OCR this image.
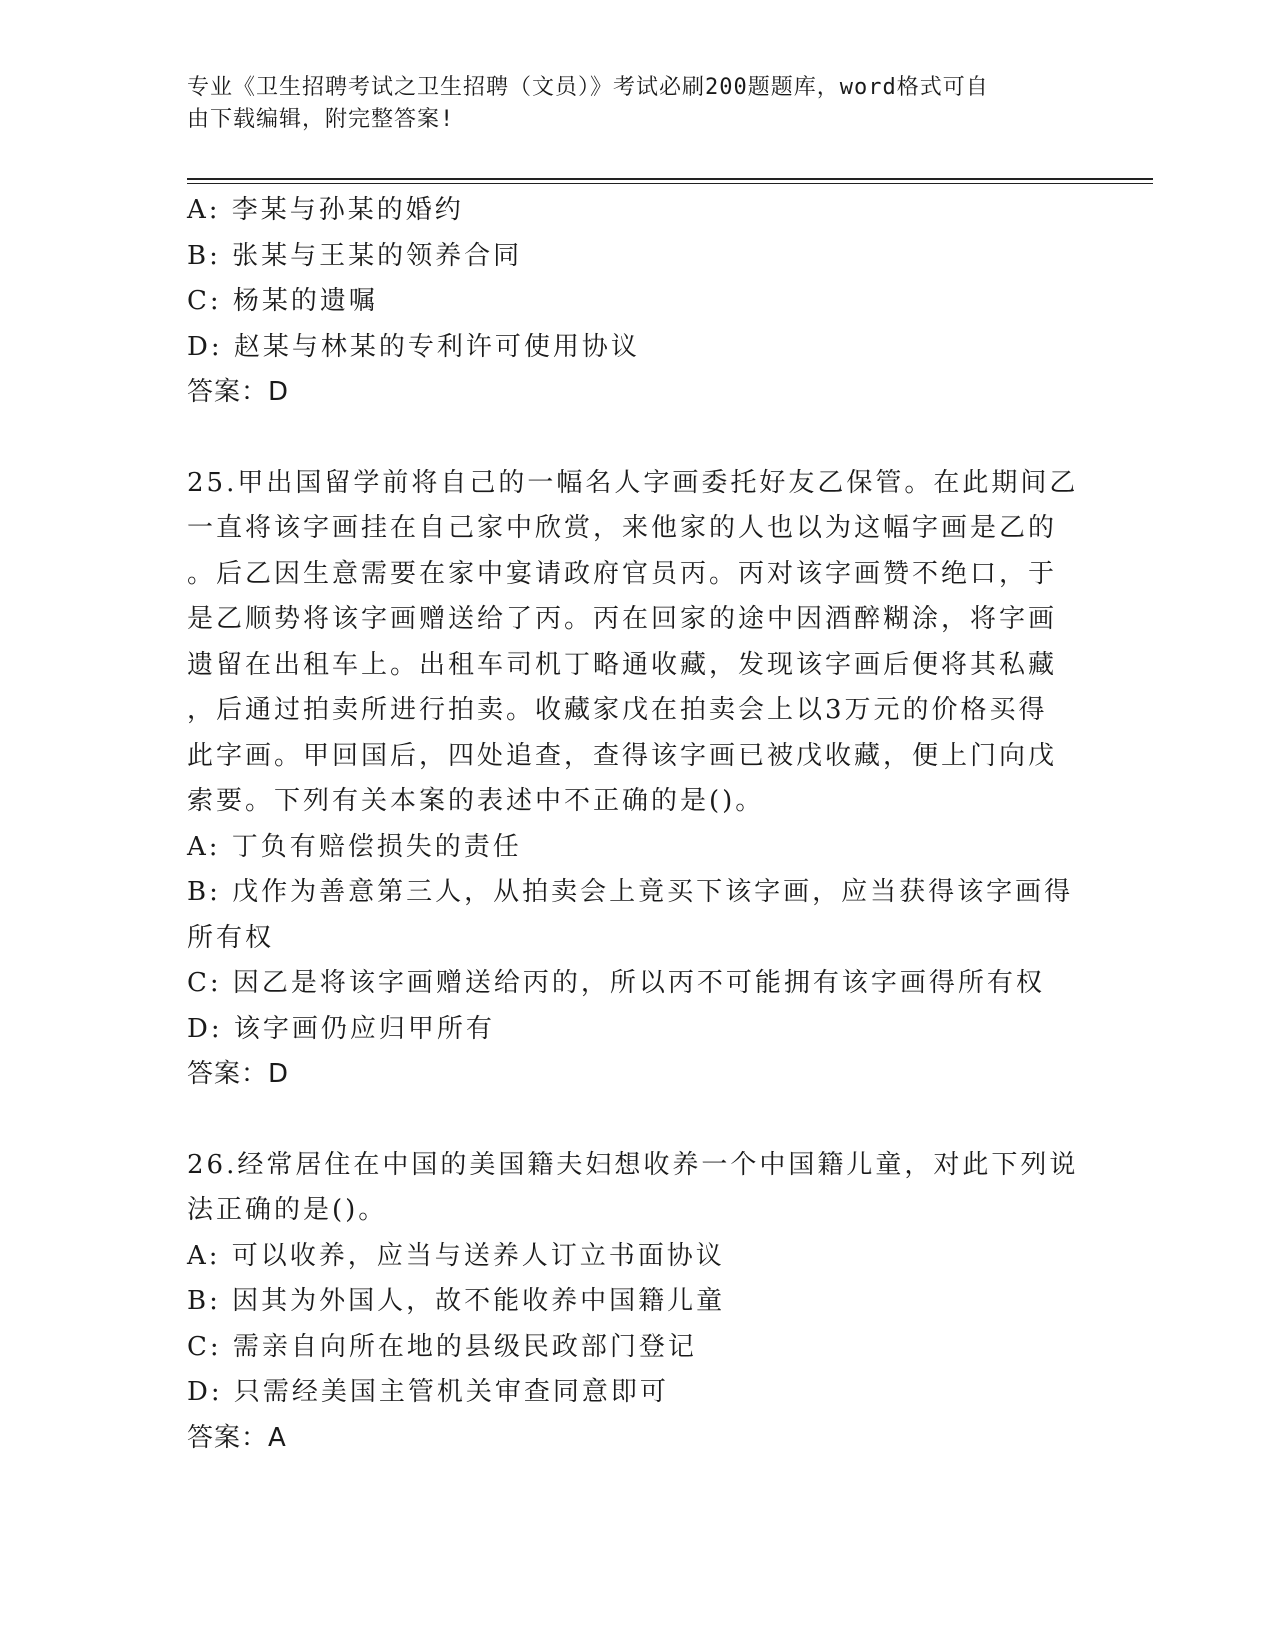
专业《卫生招聘考试之卫生招聘（文员）》考试必刷200题题库，word格式可自
由下载编辑，附完整答案!
A: 李某与孙某的婚约
B: 张某与王某的领养合同
C: 杨某的遗嘱
D: 赵某与林某的专利许可使用协议
答案：D
25.甲出国留学前将自己的一幅名人字画委托好友乙保管。在此期间乙
一直将该字画挂在自己家中欣赏，来他家的人也以为这幅字画是乙的
。后乙因生意需要在家中宴请政府官员丙。丙对该字画赞不绝口，于
是乙顺势将该字画赠送给了丙。丙在回家的途中因酒醉糊涂，将字画
遗留在出租车上。出租车司机丁略通收藏，发现该字画后便将其私藏
，后通过拍卖所进行拍卖。收藏家戊在拍卖会上以3万元的价格买得
此字画。甲回国后，四处追查，查得该字画已被戊收藏，便上门向戊
索要。下列有关本案的表述中不正确的是()。
A: 丁负有赔偿损失的责任
B: 戊作为善意第三人，从拍卖会上竟买下该字画，应当获得该字画得
所有权
C: 因乙是将该字画赠送给丙的，所以丙不可能拥有该字画得所有权
D: 该字画仍应归甲所有
答案：D
26.经常居住在中国的美国籍夫妇想收养一个中国籍儿童，对此下列说
法正确的是()。
A: 可以收养，应当与送养人订立书面协议
B: 因其为外国人，故不能收养中国籍儿童
C: 需亲自向所在地的县级民政部门登记
D: 只需经美国主管机关审查同意即可
答案：A
